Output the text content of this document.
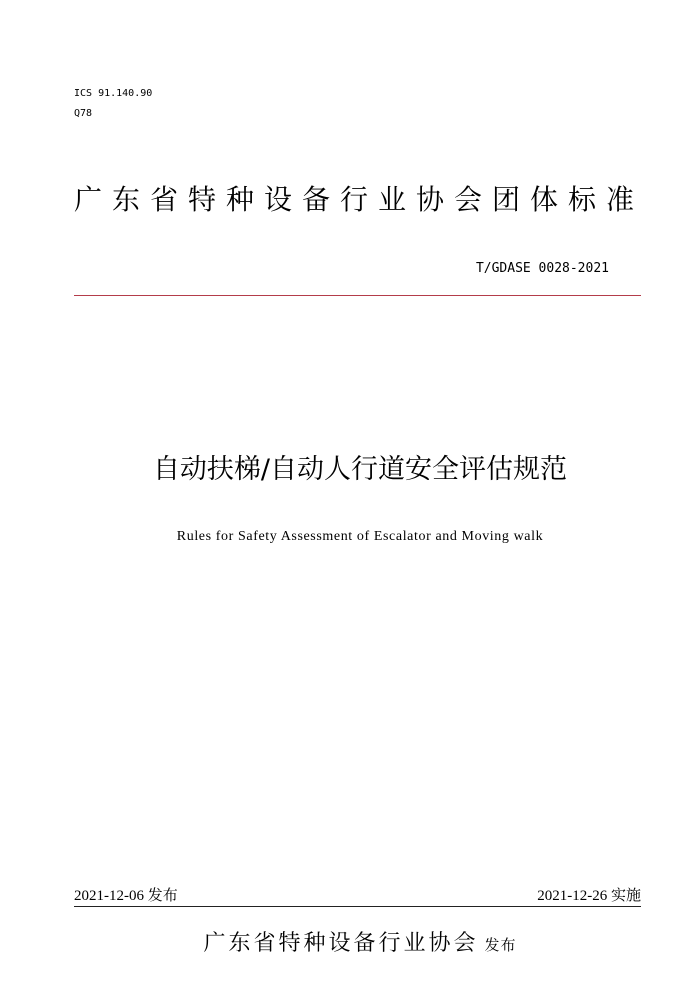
ICS 91.140.90
Q78
广东省特种设备行业协会团体标准
T/GDASE 0028-2021
自动扶梯/自动人行道安全评估规范
Rules for Safety Assessment of Escalator and Moving walk
2021-12-06 发布	2021-12-26 实施
广东省特种设备行业协会 发布
